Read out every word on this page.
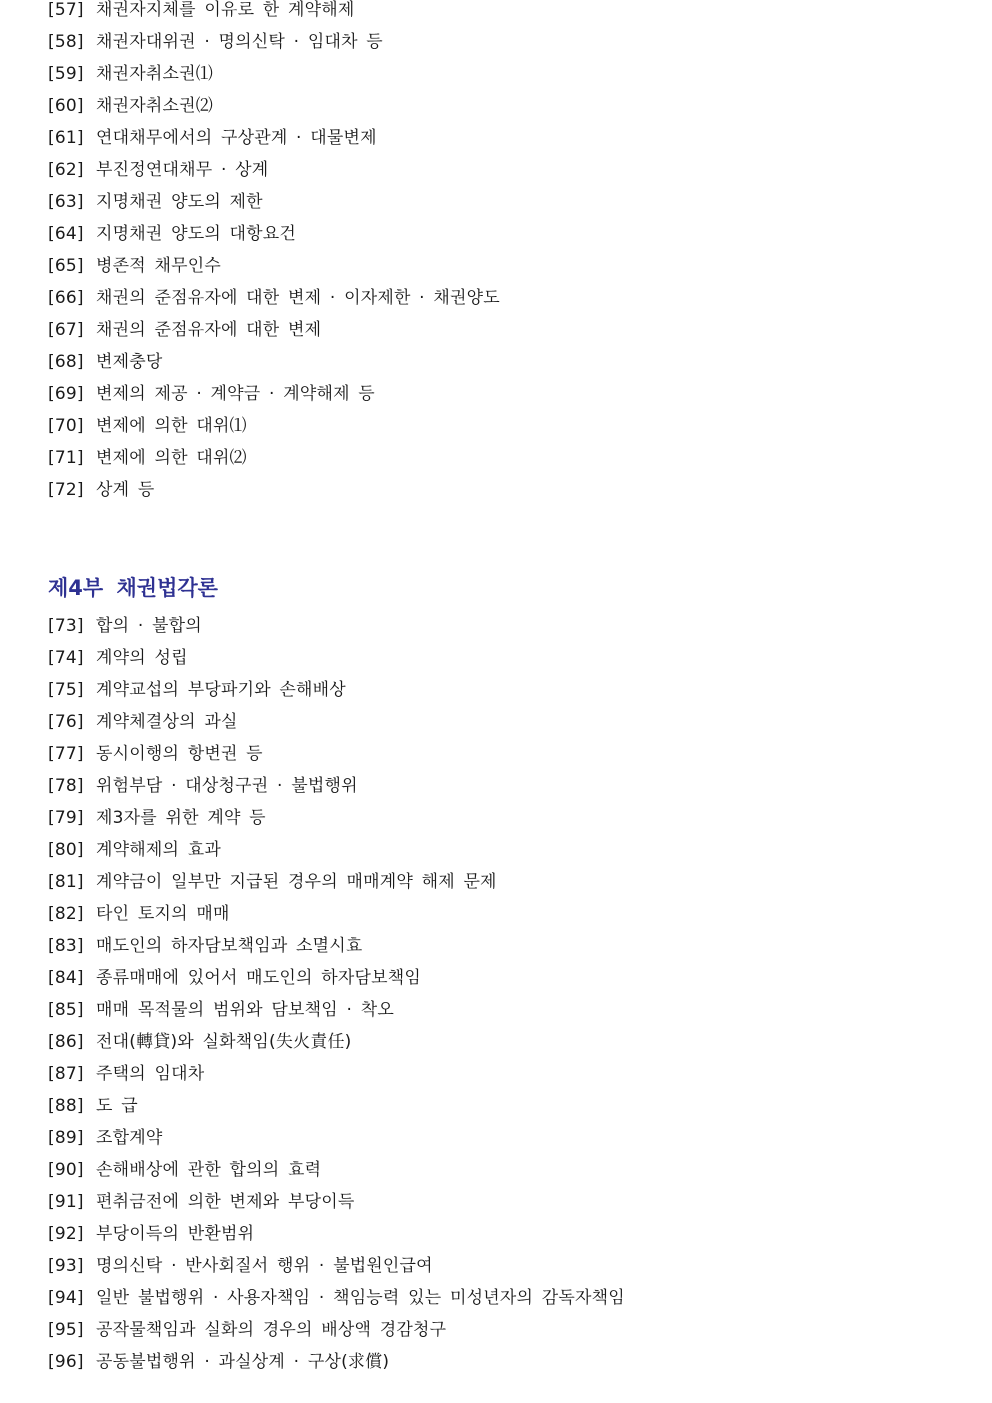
[57] 채권자지체를 이유로 한 계약해제
[58] 채권자대위권 · 명의신탁 · 임대차 등
[59] 채권자취소권⑴
[60] 채권자취소권⑵
[61] 연대채무에서의 구상관계 · 대물변제
[62] 부진정연대채무 · 상계
[63] 지명채권 양도의 제한
[64] 지명채권 양도의 대항요건
[65] 병존적 채무인수
[66] 채권의 준점유자에 대한 변제 · 이자제한 · 채권양도
[67] 채권의 준점유자에 대한 변제
[68] 변제충당
[69] 변제의 제공 · 계약금 · 계약해제 등
[70] 변제에 의한 대위⑴
[71] 변제에 의한 대위⑵
[72] 상계 등
제4부 채권법각론
[73] 합의 · 불합의
[74] 계약의 성립
[75] 계약교섭의 부당파기와 손해배상
[76] 계약체결상의 과실
[77] 동시이행의 항변권 등
[78] 위험부담 · 대상청구권 · 불법행위
[79] 제3자를 위한 계약 등
[80] 계약해제의 효과
[81] 계약금이 일부만 지급된 경우의 매매계약 해제 문제
[82] 타인 토지의 매매
[83] 매도인의 하자담보책임과 소멸시효
[84] 종류매매에 있어서 매도인의 하자담보책임
[85] 매매 목적물의 범위와 담보책임 · 착오
[86] 전대(轉貸)와 실화책임(失火責任)
[87] 주택의 임대차
[88] 도 급
[89] 조합계약
[90] 손해배상에 관한 합의의 효력
[91] 편취금전에 의한 변제와 부당이득
[92] 부당이득의 반환범위
[93] 명의신탁 · 반사회질서 행위 · 불법원인급여
[94] 일반 불법행위 · 사용자책임 · 책임능력 있는 미성년자의 감독자책임
[95] 공작물책임과 실화의 경우의 배상액 경감청구
[96] 공동불법행위 · 과실상계 · 구상(求償)
